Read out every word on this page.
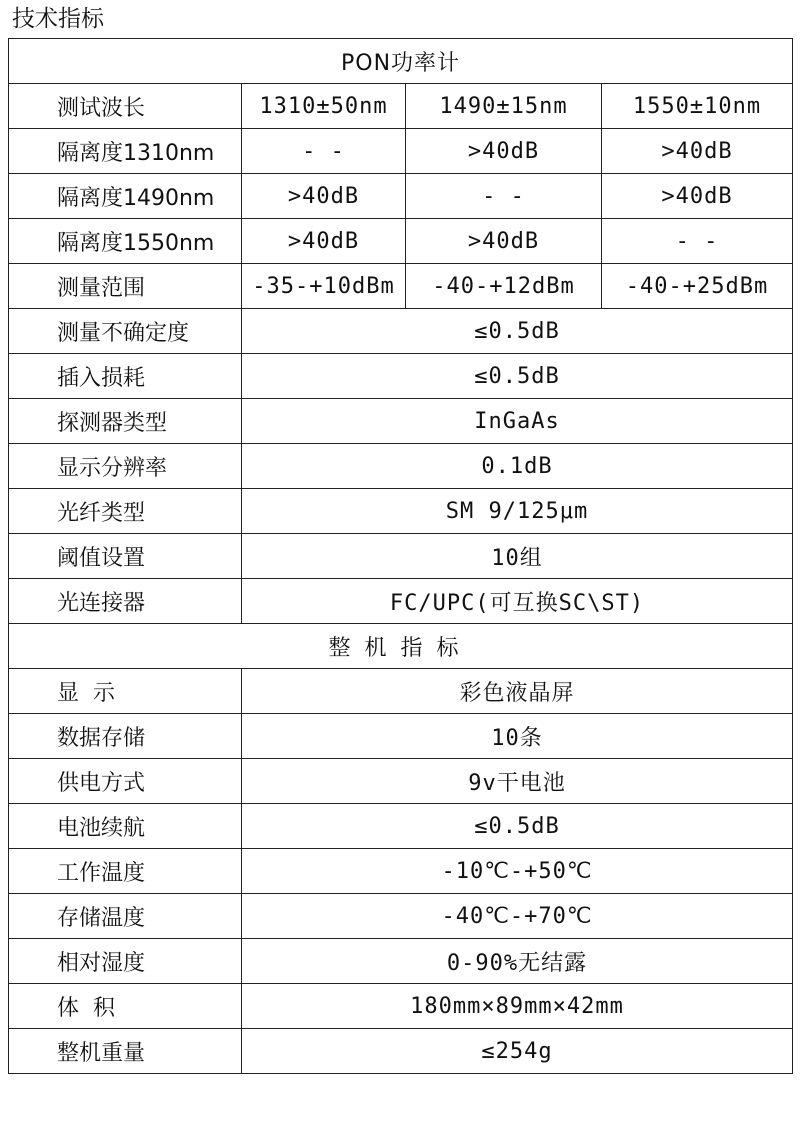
技术指标
PON功率计			
测试波长	1310±50nm	1490±15nm	1550±10nm
隔离度1310nm	- -	>40dB	>40dB
隔离度1490nm	>40dB	- -	>40dB
隔离度1550nm	>40dB	>40dB	- -
测量范围	-35-+10dBm	-40-+12dBm	-40-+25dBm
测量不确定度	≤0.5dB		
插入损耗	≤0.5dB		
探测器类型	InGaAs		
显示分辨率	0.1dB		
光纤类型	SM 9/125μm		
阈值设置	10组		
光连接器	FC/UPC(可互换SC\ST)		
整机指标			
显  示	彩色液晶屏		
数据存储	10条		
供电方式	9v干电池		
电池续航	≤0.5dB		
工作温度	-10℃-+50℃		
存储温度	-40℃-+70℃		
相对湿度	0-90%无结露		
体  积	180mm×89mm×42mm		
整机重量	≤254g		
